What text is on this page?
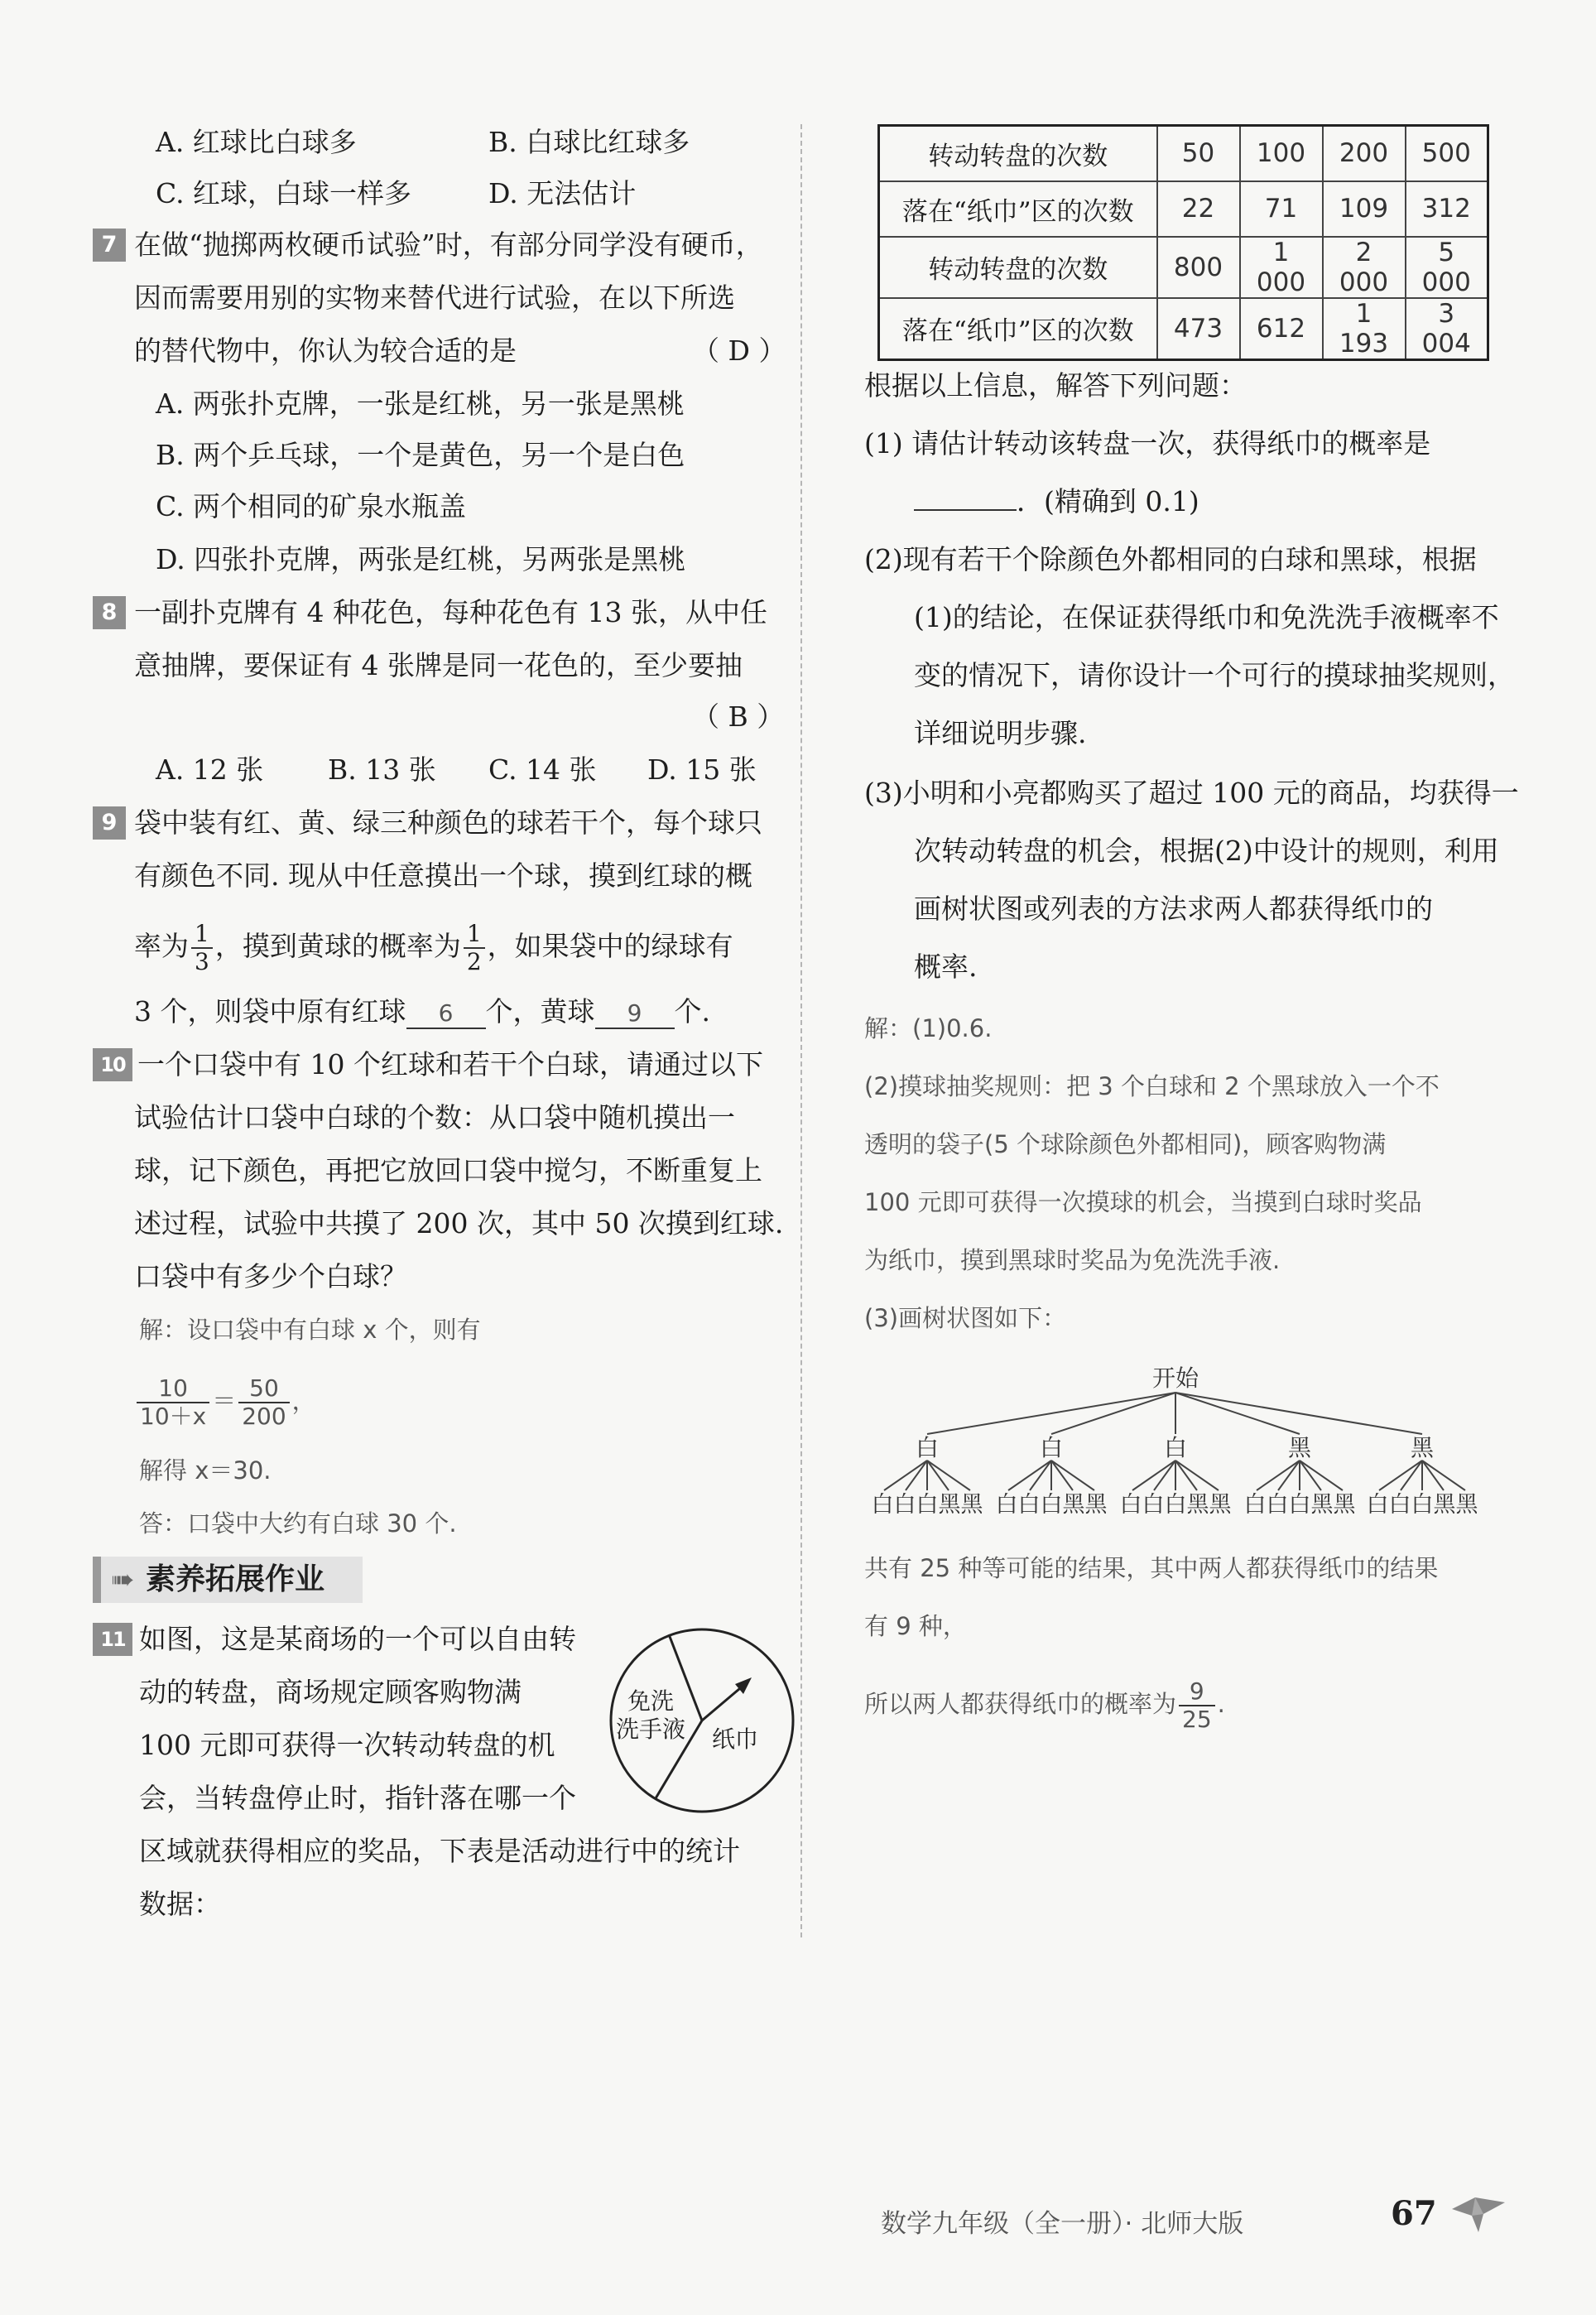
A. 红球比白球多	B. 白球比红球多
C. 红球，白球一样多	D. 无法估计
7 在做“抛掷两枚硬币试验”时，有部分同学没有硬币，
因而需要用别的实物来替代进行试验，在以下所选
的替代物中，你认为较合适的是	（ D ）
A. 两张扑克牌，一张是红桃，另一张是黑桃
B. 两个乒乓球，一个是黄色，另一个是白色
C. 两个相同的矿泉水瓶盖
D. 四张扑克牌，两张是红桃，另两张是黑桃
8 一副扑克牌有 4 种花色，每种花色有 13 张，从中任
意抽牌，要保证有 4 张牌是同一花色的，至少要抽
（ B ）
A. 12 张 B. 13 张 C. 14 张 D. 15 张
9 袋中装有红、黄、绿三种颜色的球若干个，每个球只
有颜色不同. 现从中任意摸出一个球，摸到红球的概
率为 $\frac{1}{3}$ ，摸到黄球的概率为 $\frac{1}{2}$ ，如果袋中的绿球有
3 个，则袋中原有红球 6 个，黄球 9 个.
10 一个口袋中有 10 个红球和若干个白球，请通过以下
试验估计口袋中白球的个数：从口袋中随机摸出一
球，记下颜色，再把它放回口袋中搅匀，不断重复上
述过程，试验中共摸了 200 次，其中 50 次摸到红球.
口袋中有多少个白球？
解：设口袋中有白球 x 个，则有
$\frac{10}{10+x} = \frac{50}{200}$ ，
解得 x＝30.
答：口袋中大约有白球 30 个.
➠ 素养拓展作业
11 如图，这是某商场的一个可以自由转
动的转盘，商场规定顾客购物满
100 元即可获得一次转动转盘的机
会，当转盘停止时，指针落在哪一个
区域就获得相应的奖品，下表是活动进行中的统计
数据：
免洗
洗手液 纸巾
转动转盘的次数	50	100	200	500
落在“纸巾”区的次数	22	71	109	312
转动转盘的次数	800	1 000	2 000	5 000
落在“纸巾”区的次数	473	612	1 193	3 004
根据以上信息，解答下列问题：
(1) 请估计转动该转盘一次，获得纸巾的概率是
．(精确到 0.1)
(2)现有若干个除颜色外都相同的白球和黑球，根据
(1)的结论，在保证获得纸巾和免洗洗手液概率不
变的情况下，请你设计一个可行的摸球抽奖规则，
详细说明步骤.
(3)小明和小亮都购买了超过 100 元的商品，均获得一
次转动转盘的机会，根据(2)中设计的规则，利用
画树状图或列表的方法求两人都获得纸巾的
概率.
解：(1)0.6.
(2)摸球抽奖规则：把 3 个白球和 2 个黑球放入一个不
透明的袋子(5 个球除颜色外都相同)，顾客购物满
100 元即可获得一次摸球的机会，当摸到白球时奖品
为纸巾，摸到黑球时奖品为免洗洗手液.
(3)画树状图如下：
开始
白	白	白	黑	黑
白白白黑黑 白白白黑黑 白白白黑黑 白白白黑黑 白白白黑黑
共有 25 种等可能的结果，其中两人都获得纸巾的结果
有 9 种，
所以两人都获得纸巾的概率为 $\frac{9}{25}$ .
数学九年级（全一册）· 北师大版	67
